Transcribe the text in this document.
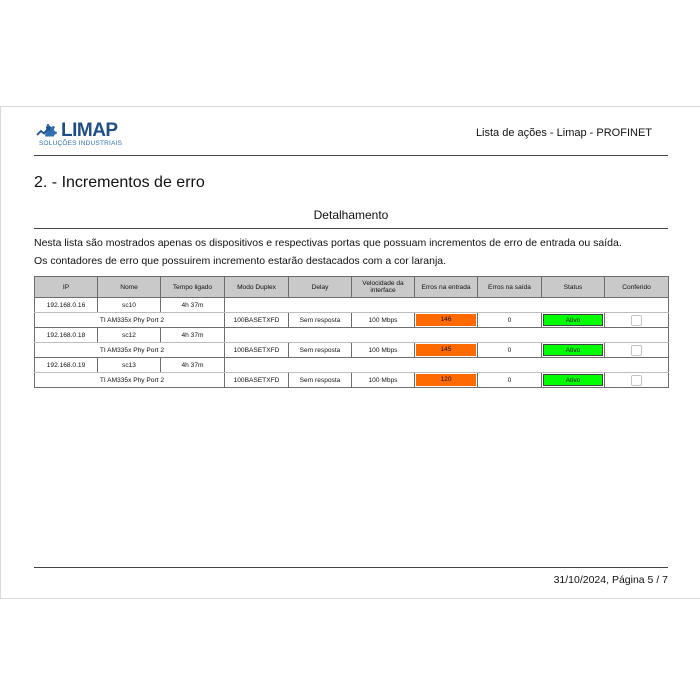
LIMAP
SOLUÇÕES INDUSTRIAIS
Lista de ações - Limap - PROFINET
2. - Incrementos de erro
Detalhamento
Nesta lista são mostrados apenas os dispositivos e respectivas portas que possuam incrementos de erro de entrada ou saída.
Os contadores de erro que possuirem incremento estarão destacados com a cor laranja.
IP	Nome	Tempo ligado	Modo Duplex	Delay	Velocidade da interface	Erros na entrada	Erros na saída	Status	Conferido
192.168.0.16	sc10	4h 37m							
TI AM335x Phy Port 2			100BASETXFD	Sem resposta	100 Mbps	146	0	Ativo	

192.168.0.18	sc12	4h 37m							
TI AM335x Phy Port 2			100BASETXFD	Sem resposta	100 Mbps	145	0	Ativo	

192.168.0.19	sc13	4h 37m							
TI AM335x Phy Port 2			100BASETXFD	Sem resposta	100 Mbps	120	0	Ativo	

31/10/2024, Página 5 / 7
